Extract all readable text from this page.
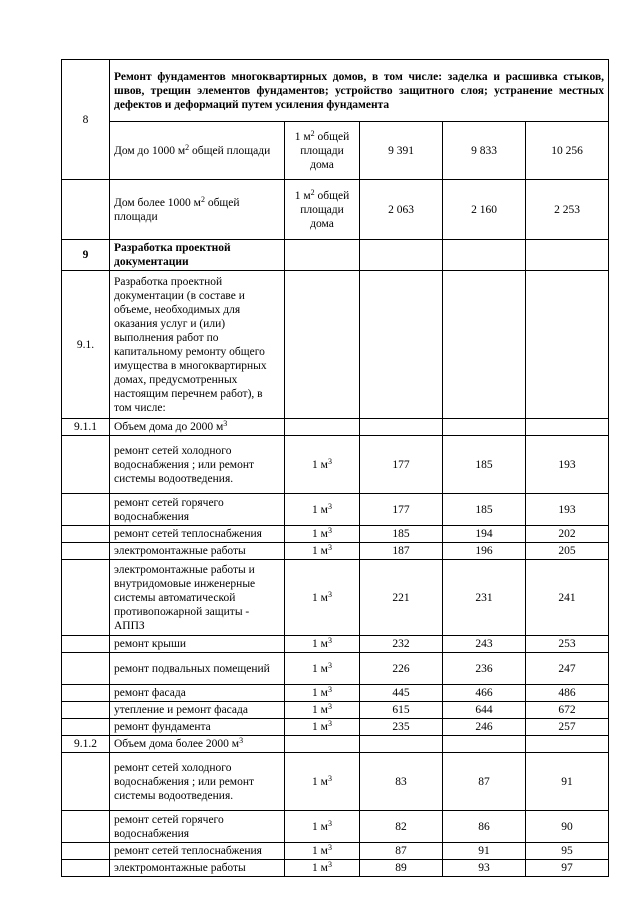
8	Ремонт фундаментов многоквартирных домов, в том числе: заделка и расшивка стыков, швов, трещин элементов фундаментов; устройство защитного слоя; устранение местных дефектов и деформаций путем усиления фундамента				
	Дом до 1000 $м^2$ общей площади	1 $м^2$ общей площади дома	9 391	9 833	10 256
	Дом более 1000 $м^2$ общей площади	1 $м^2$ общей площади дома	2 063	2 160	2 253
9	Разработка проектной документации				
9.1.	Разработка проектной документации (в составе и объеме, необходимых для оказания услуг и (или) выполнения работ по капитальному ремонту общего имущества в многоквартирных домах, предусмотренных настоящим перечнем работ), в том числе:				
9.1.1	Объем дома до 2000 $м^3$				
	ремонт сетей холодного водоснабжения ; или ремонт системы водоотведения.	1 $м^3$	177	185	193
	ремонт сетей горячего водоснабжения	1 $м^3$	177	185	193
	ремонт сетей теплоснабжения	1 $м^3$	185	194	202
	электромонтажные работы	1 $м^3$	187	196	205
	электромонтажные работы и внутридомовые инженерные системы автоматической противопожарной защиты - АППЗ	1 $м^3$	221	231	241
	ремонт крыши	1 $м^3$	232	243	253
	ремонт подвальных помещений	1 $м^3$	226	236	247
	ремонт фасада	1 $м^3$	445	466	486
	утепление и ремонт фасада	1 $м^3$	615	644	672
	ремонт фундамента	1 $м^3$	235	246	257
9.1.2	Объем дома более 2000 $м^3$				
	ремонт сетей холодного водоснабжения ; или ремонт системы водоотведения.	1 $м^3$	83	87	91
	ремонт сетей горячего водоснабжения	1 $м^3$	82	86	90
	ремонт сетей теплоснабжения	1 $м^3$	87	91	95
	электромонтажные работы	1 $м^3$	89	93	97
